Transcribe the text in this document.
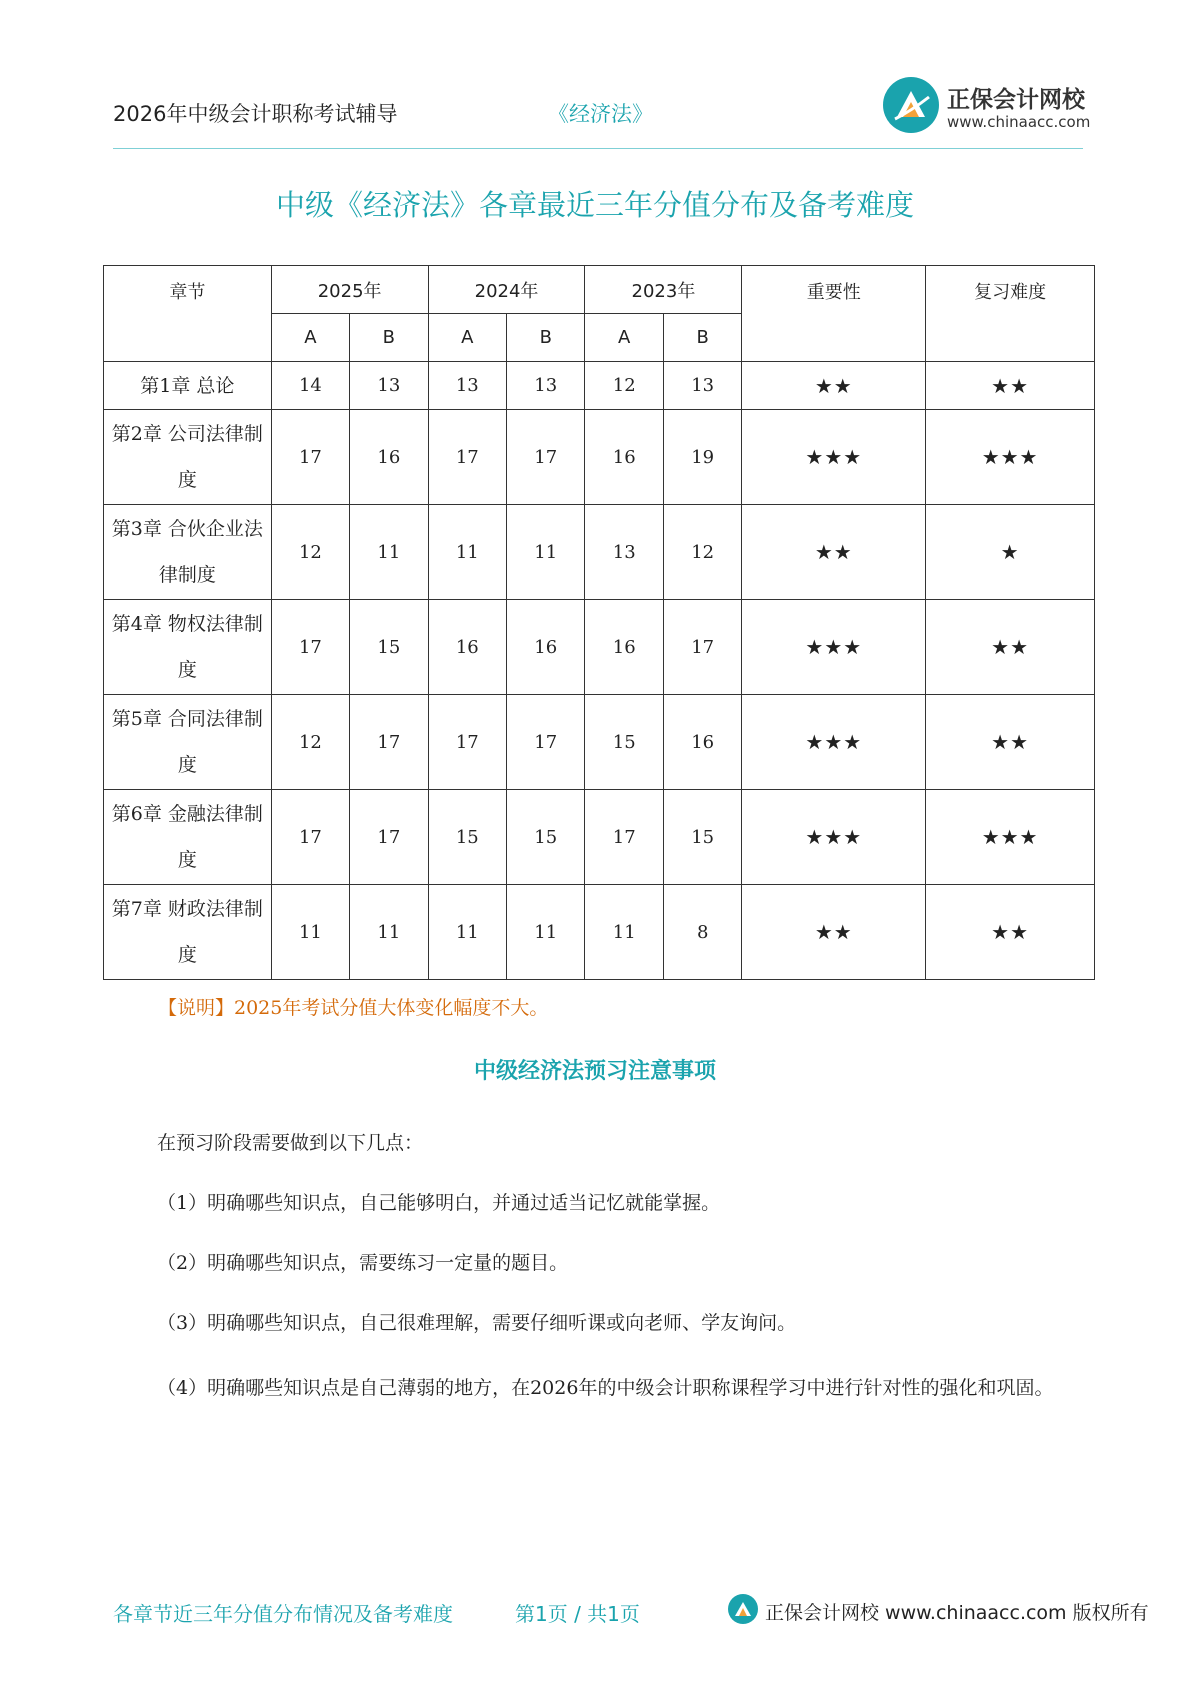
2026年中级会计职称考试辅导	《经济法》
正保会计网校
www.chinaacc.com
中级《经济法》各章最近三年分值分布及备考难度
章节	2025年		2024年		2023年		重要性	复习难度
	A	B	A	B	A	B		
第1章 总论	14	13	13	13	12	13	★★	★★
第2章 公司法律制度	17	16	17	17	16	19	★★★	★★★
第3章 合伙企业法律制度	12	11	11	11	13	12	★★	★
第4章 物权法律制度	17	15	16	16	16	17	★★★	★★
第5章 合同法律制度	12	17	17	17	15	16	★★★	★★
第6章 金融法律制度	17	17	15	15	17	15	★★★	★★★
第7章 财政法律制度	11	11	11	11	11	8	★★	★★
【说明】2025年考试分值大体变化幅度不大。
中级经济法预习注意事项
在预习阶段需要做到以下几点：
（1）明确哪些知识点，自己能够明白，并通过适当记忆就能掌握。
（2）明确哪些知识点，需要练习一定量的题目。
（3）明确哪些知识点，自己很难理解，需要仔细听课或向老师、学友询问。
（4）明确哪些知识点是自己薄弱的地方，在2026年的中级会计职称课程学习中进行针对性的强化和巩固。
各章节近三年分值分布情况及备考难度	第1页 / 共1页	正保会计网校 www.chinaacc.com 版权所有
